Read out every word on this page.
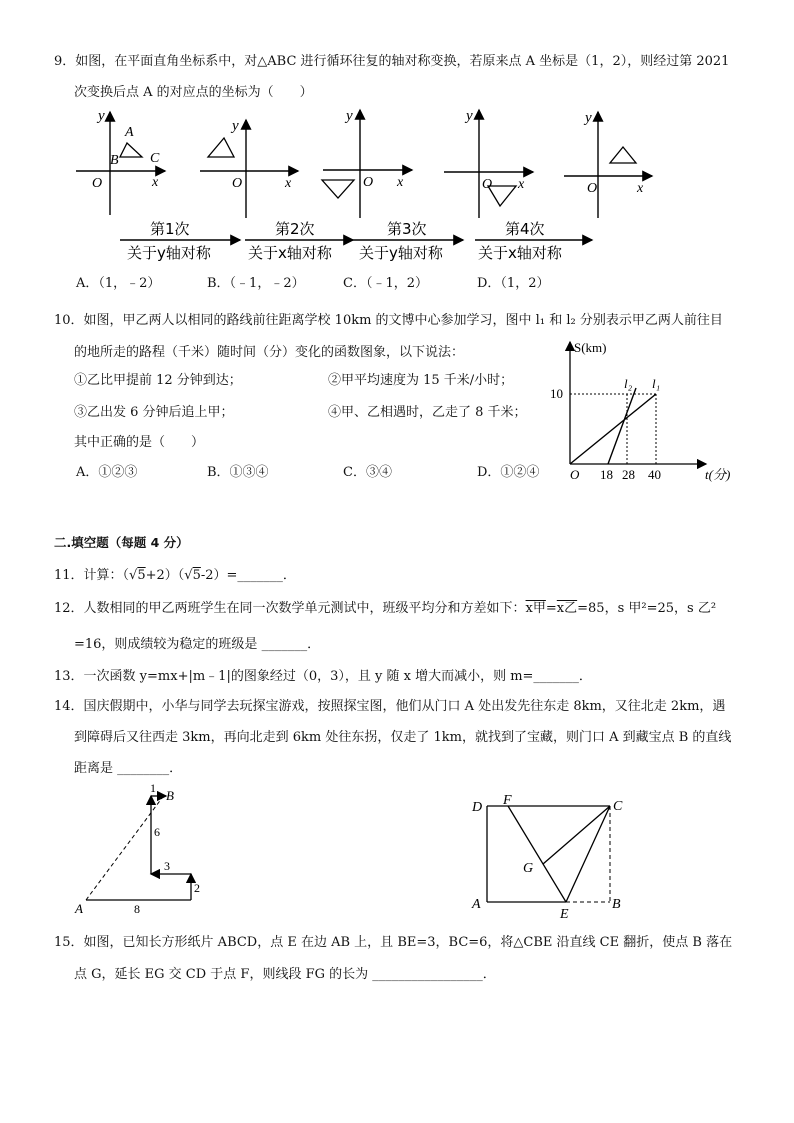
9．如图，在平面直角坐标系中，对△ABC 进行循环往复的轴对称变换，若原来点 A 坐标是（1，2），则经过第 2021
次变换后点 A 的对应点的坐标为（　　）
y
x
O
A
B C
y
x
O
y
x
O
y
x
O
y
x
O
第1次
关于y轴对称
第2次
关于x轴对称
第3次
关于y轴对称
第4次
关于x轴对称
A．（1，﹣2）	B．（﹣1，﹣2）	C．（﹣1，2）	D．（1，2）
10．如图，甲乙两人以相同的路线前往距离学校 10km 的文博中心参加学习，图中 l₁ 和 l₂ 分别表示甲乙两人前往目
的地所走的路程（千米）随时间（分）变化的函数图象，以下说法：
①乙比甲提前 12 分钟到达；	②甲平均速度为 15 千米/小时；
③乙出发 6 分钟后追上甲；	④甲、乙相遇时，乙走了 8 千米；
其中正确的是（　　）
A．①②③	B．①③④	C．③④	D．①②④
S(km)
t(分)
O
10
l₂ l₁
18 28 40
二.填空题（每题 4 分）
11．计算：（√5+2）（√5-2）=_______．
12．人数相同的甲乙两班学生在同一次数学单元测试中，班级平均分和方差如下：x甲=x乙=85，s 甲²=25，s 乙²
=16，则成绩较为稳定的班级是 _______．
13．一次函数 y=mx+|m﹣1|的图象经过（0，3），且 y 随 x 增大而减小，则 m=_______．
14．国庆假期中，小华与同学去玩探宝游戏，按照探宝图，他们从门口 A 处出发先往东走 8km，又往北走 2km，遇
到障碍后又往西走 3km，再向北走到 6km 处往东拐，仅走了 1km，就找到了宝藏，则门口 A 到藏宝点 B 的直线
距离是 ________．
A
B
8
2
3
6
1
D F	C
G
A
E
B
15．如图，已知长方形纸片 ABCD，点 E 在边 AB 上，且 BE=3，BC=6，将△CBE 沿直线 CE 翻折，使点 B 落在
点 G，延长 EG 交 CD 于点 F，则线段 FG 的长为 _________________．
